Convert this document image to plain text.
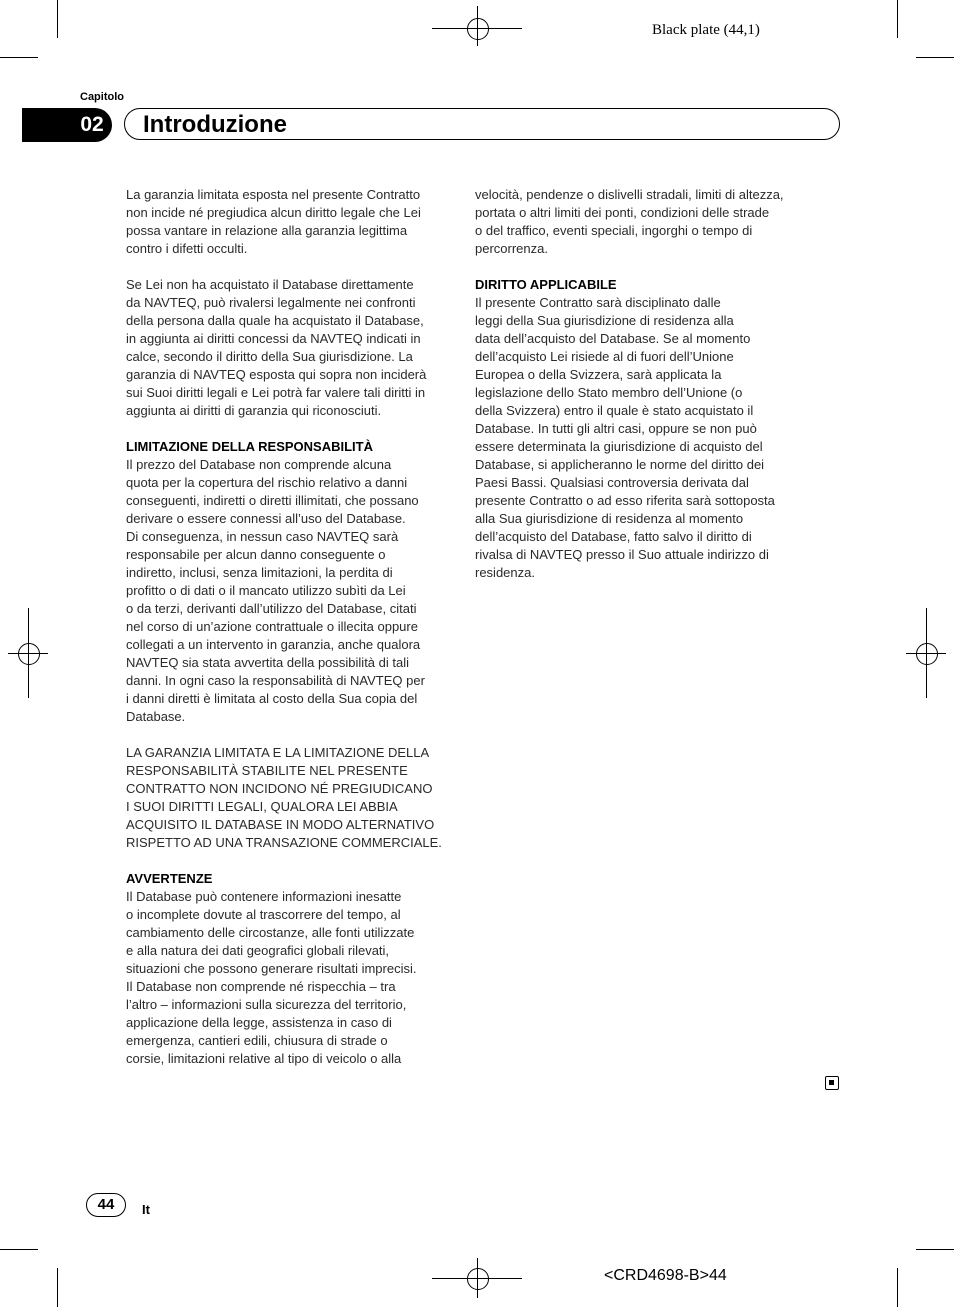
Black plate (44,1)
Capitolo
02 Introduzione

La garanzia limitata esposta nel presente Contratto
non incide né pregiudica alcun diritto legale che Lei
possa vantare in relazione alla garanzia legittima
contro i difetti occulti.

Se Lei non ha acquistato il Database direttamente
da NAVTEQ, può rivalersi legalmente nei confronti
della persona dalla quale ha acquistato il Database,
in aggiunta ai diritti concessi da NAVTEQ indicati in
calce, secondo il diritto della Sua giurisdizione. La
garanzia di NAVTEQ esposta qui sopra non inciderà
sui Suoi diritti legali e Lei potrà far valere tali diritti in
aggiunta ai diritti di garanzia qui riconosciuti.

LIMITAZIONE DELLA RESPONSABILITÀ

Il prezzo del Database non comprende alcuna
quota per la copertura del rischio relativo a danni
conseguenti, indiretti o diretti illimitati, che possano
derivare o essere connessi all’uso del Database.
Di conseguenza, in nessun caso NAVTEQ sarà
responsabile per alcun danno conseguente o
indiretto, inclusi, senza limitazioni, la perdita di
profitto o di dati o il mancato utilizzo subìti da Lei
o da terzi, derivanti dall’utilizzo del Database, citati
nel corso di un’azione contrattuale o illecita oppure
collegati a un intervento in garanzia, anche qualora
NAVTEQ sia stata avvertita della possibilità di tali
danni. In ogni caso la responsabilità di NAVTEQ per
i danni diretti è limitata al costo della Sua copia del
Database.

LA GARANZIA LIMITATA E LA LIMITAZIONE DELLA
RESPONSABILITÀ STABILITE NEL PRESENTE
CONTRATTO NON INCIDONO NÉ PREGIUDICANO
I SUOI DIRITTI LEGALI, QUALORA LEI ABBIA
ACQUISITO IL DATABASE IN MODO ALTERNATIVO
RISPETTO AD UNA TRANSAZIONE COMMERCIALE.

AVVERTENZE

Il Database può contenere informazioni inesatte
o incomplete dovute al trascorrere del tempo, al
cambiamento delle circostanze, alle fonti utilizzate
e alla natura dei dati geografici globali rilevati,
situazioni che possono generare risultati imprecisi.
Il Database non comprende né rispecchia – tra
l’altro – informazioni sulla sicurezza del territorio,
applicazione della legge, assistenza in caso di
emergenza, cantieri edili, chiusura di strade o
corsie, limitazioni relative al tipo di veicolo o alla

velocità, pendenze o dislivelli stradali, limiti di altezza,
portata o altri limiti dei ponti, condizioni delle strade
o del traffico, eventi speciali, ingorghi o tempo di
percorrenza.

DIRITTO APPLICABILE

Il presente Contratto sarà disciplinato dalle
leggi della Sua giurisdizione di residenza alla
data dell’acquisto del Database. Se al momento
dell’acquisto Lei risiede al di fuori dell’Unione
Europea o della Svizzera, sarà applicata la
legislazione dello Stato membro dell’Unione (o
della Svizzera) entro il quale è stato acquistato il
Database. In tutti gli altri casi, oppure se non può
essere determinata la giurisdizione di acquisto del
Database, si applicheranno le norme del diritto dei
Paesi Bassi. Qualsiasi controversia derivata dal
presente Contratto o ad esso riferita sarà sottoposta
alla Sua giurisdizione di residenza al momento
dell’acquisto del Database, fatto salvo il diritto di
rivalsa di NAVTEQ presso il Suo attuale indirizzo di
residenza.

44	It
<CRD4698-B>44
